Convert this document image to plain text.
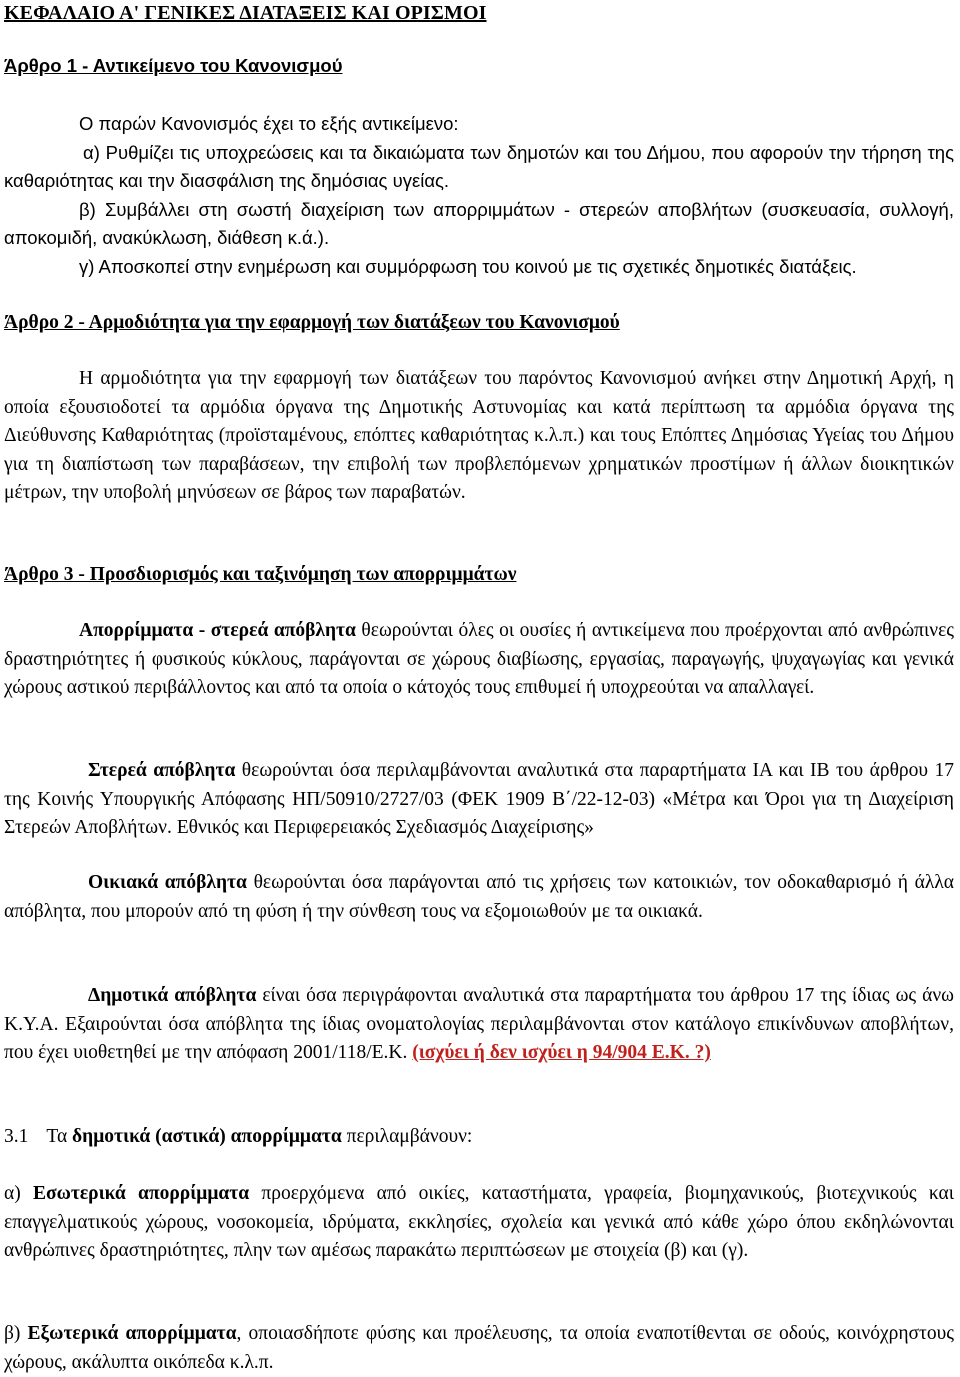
ΚΕΦΑΛΑΙΟ Α' ΓΕΝΙΚΕΣ ΔΙΑΤΑΞΕΙΣ ΚΑΙ ΟΡΙΣΜΟΙ

Άρθρο 1 - Αντικείμενο του Κανονισμού

Ο παρών Κανονισμός έχει το εξής αντικείμενο:

α) Ρυθμίζει τις υποχρεώσεις και τα δικαιώματα των δημοτών και του Δήμου, που αφορούν την τήρηση της καθαριότητας και την διασφάλιση της δημόσιας υγείας.

β) Συμβάλλει στη σωστή διαχείριση των απορριμμάτων - στερεών αποβλήτων (συσκευασία, συλλογή, αποκομιδή, ανακύκλωση, διάθεση κ.ά.).

γ) Αποσκοπεί στην ενημέρωση και συμμόρφωση του κοινού με τις σχετικές δημοτικές διατάξεις.

Άρθρο 2 - Αρμοδιότητα για την εφαρμογή των διατάξεων του Κανονισμού

Η αρμοδιότητα για την εφαρμογή των διατάξεων του παρόντος Κανονισμού ανήκει στην Δημοτική Αρχή, η οποία εξουσιοδοτεί τα αρμόδια όργανα της Δημοτικής Αστυνομίας και κατά περίπτωση τα αρμόδια όργανα της Διεύθυνσης Καθαριότητας (προϊσταμένους, επόπτες καθαριότητας κ.λ.π.) και τους Επόπτες Δημόσιας Υγείας του Δήμου για τη διαπίστωση των παραβάσεων, την επιβολή των προβλεπόμενων χρηματικών προστίμων ή άλλων διοικητικών μέτρων, την υποβολή μηνύσεων σε βάρος των παραβατών.

Άρθρο 3 - Προσδιορισμός και ταξινόμηση των απορριμμάτων

Απορρίμματα - στερεά απόβλητα θεωρούνται όλες οι ουσίες ή αντικείμενα που προέρχονται από ανθρώπινες δραστηριότητες ή φυσικούς κύκλους, παράγονται σε χώρους διαβίωσης, εργασίας, παραγωγής, ψυχαγωγίας και γενικά χώρους αστικού περιβάλλοντος και από τα οποία ο κάτοχός τους επιθυμεί ή υποχρεούται να απαλλαγεί.

Στερεά απόβλητα θεωρούνται όσα περιλαμβάνονται αναλυτικά στα παραρτήματα ΙΑ και ΙΒ του άρθρου 17 της Κοινής Υπουργικής Απόφασης ΗΠ/50910/2727/03 (ΦΕΚ 1909 Β΄/22-12-03) «Μέτρα και Όροι για τη Διαχείριση Στερεών Αποβλήτων. Εθνικός και Περιφερειακός Σχεδιασμός Διαχείρισης»

Οικιακά απόβλητα θεωρούνται όσα παράγονται από τις χρήσεις των κατοικιών, τον οδοκαθαρισμό ή άλλα απόβλητα, που μπορούν από τη φύση ή την σύνθεση τους να εξομοιωθούν με τα οικιακά.

Δημοτικά απόβλητα είναι όσα περιγράφονται αναλυτικά στα παραρτήματα του άρθρου 17 της ίδιας ως άνω Κ.Υ.Α. Εξαιρούνται όσα απόβλητα της ίδιας ονοματολογίας περιλαμβάνονται στον κατάλογο επικίνδυνων αποβλήτων, που έχει υιοθετηθεί με την απόφαση 2001/118/Ε.Κ. (ισχύει ή δεν ισχύει η 94/904 Ε.Κ. ?)

3.1 Τα δημοτικά (αστικά) απορρίμματα περιλαμβάνουν:

α) Εσωτερικά απορρίμματα προερχόμενα από οικίες, καταστήματα, γραφεία, βιομηχανικούς, βιοτεχνικούς και επαγγελματικούς χώρους, νοσοκομεία, ιδρύματα, εκκλησίες, σχολεία και γενικά από κάθε χώρο όπου εκδηλώνονται ανθρώπινες δραστηριότητες, πλην των αμέσως παρακάτω περιπτώσεων με στοιχεία (β) και (γ).

β) Εξωτερικά απορρίμματα, οποιασδήποτε φύσης και προέλευσης, τα οποία εναποτίθενται σε οδούς, κοινόχρηστους χώρους, ακάλυπτα οικόπεδα κ.λ.π.
